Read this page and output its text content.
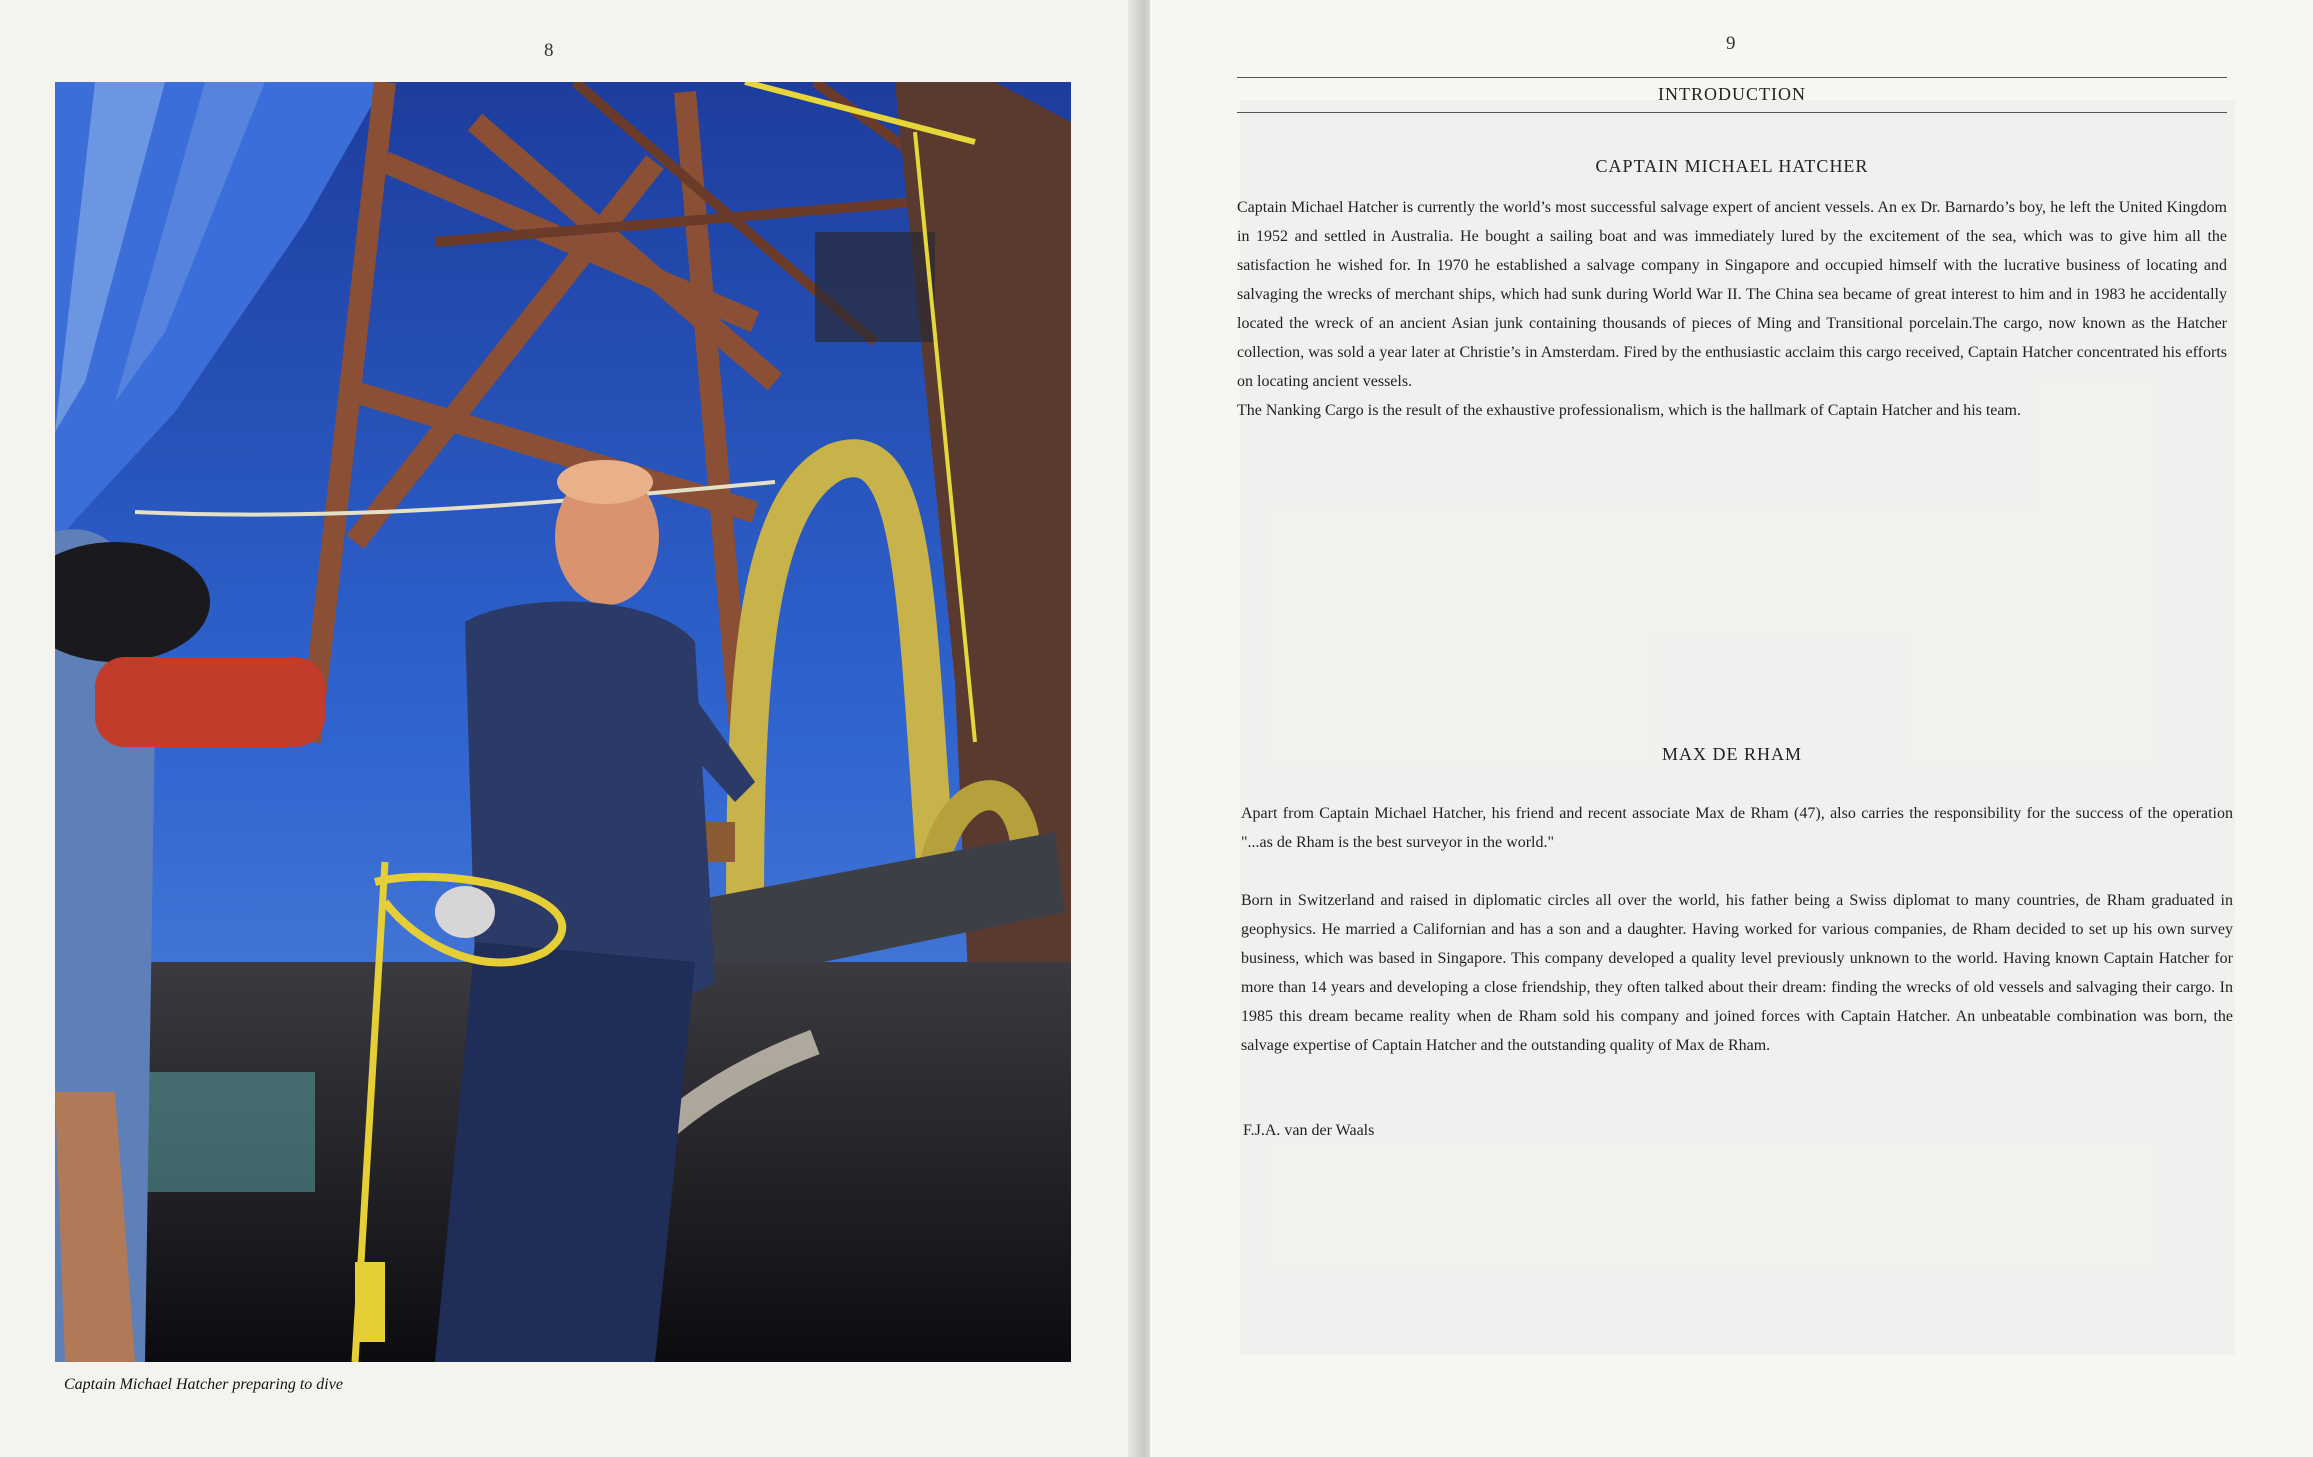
8
Captain Michael Hatcher preparing to dive
9
INTRODUCTION
CAPTAIN MICHAEL HATCHER

Captain Michael Hatcher is currently the world’s most successful salvage expert of ancient vessels. An ex Dr. Barnardo’s boy, he left the United Kingdom in 1952 and settled in Australia. He bought a sailing boat and was immediately lured by the excitement of the sea, which was to give him all the satisfaction he wished for. In 1970 he established a salvage company in Singapore and occupied himself with the lucrative business of locating and salvaging the wrecks of merchant ships, which had sunk during World War II. The China sea became of great interest to him and in 1983 he accidentally located the wreck of an ancient Asian junk containing thousands of pieces of Ming and Transitional porcelain.The cargo, now known as the Hatcher collection, was sold a year later at Christie’s in Amsterdam. Fired by the enthusiastic acclaim this cargo received, Captain Hatcher concentrated his efforts on locating ancient vessels.

The Nanking Cargo is the result of the exhaustive professionalism, which is the hallmark of Captain Hatcher and his team.

MAX DE RHAM

Apart from Captain Michael Hatcher, his friend and recent associate Max de Rham (47), also carries the responsibility for the success of the operation "...as de Rham is the best surveyor in the world."

Born in Switzerland and raised in diplomatic circles all over the world, his father being a Swiss diplomat to many countries, de Rham graduated in geophysics. He married a Californian and has a son and a daughter. Having worked for various companies, de Rham decided to set up his own survey business, which was based in Singapore. This company developed a quality level previously unknown to the world. Having known Captain Hatcher for more than 14 years and developing a close friendship, they often talked about their dream: finding the wrecks of old vessels and salvaging their cargo. In 1985 this dream became reality when de Rham sold his company and joined forces with Captain Hatcher. An unbeatable combination was born, the salvage expertise of Captain Hatcher and the outstanding quality of Max de Rham.

F.J.A. van der Waals
